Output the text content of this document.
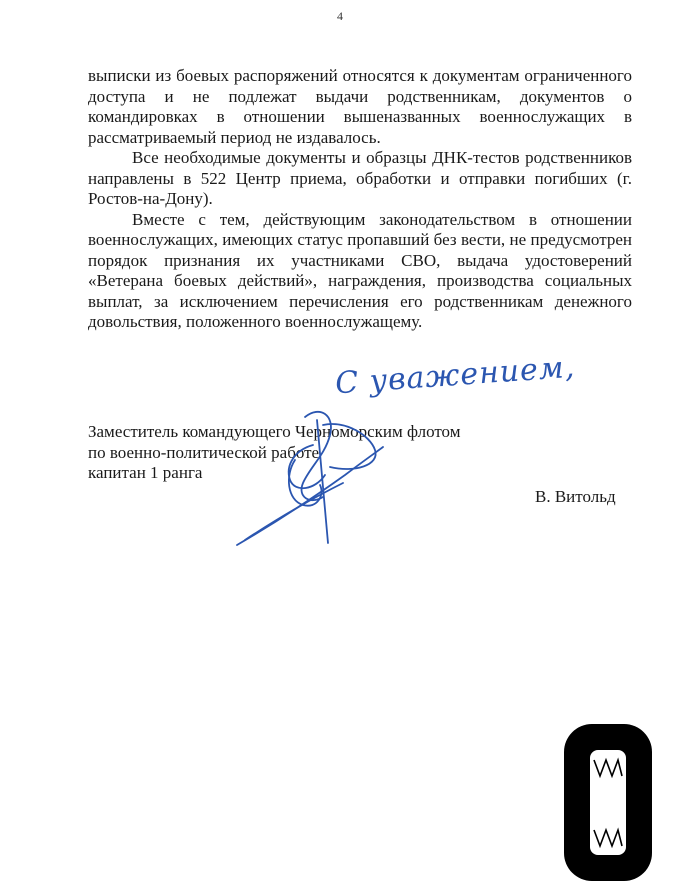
4

выписки из боевых распоряжений относятся к документам ограниченного доступа и не подлежат выдачи родственникам, документов о командировках в отношении вышеназванных военнослужащих в рассматриваемый период не издавалось.

Все необходимые документы и образцы ДНК-тестов родственников направлены в 522 Центр приема, обработки и отправки погибших (г. Ростов-на-Дону).

Вместе с тем, действующим законодательством в отношении военнослужащих, имеющих статус пропавший без вести, не предусмотрен порядок признания их участниками СВО, выдача удостоверений «Ветерана боевых действий», награждения, производства социальных выплат, за исключением перечисления его родственникам денежного довольствия, положенного военнослужащему.

С уважением,
Заместитель командующего Черноморским флотом
по военно-политической работе
капитан 1 ранга
В. Витольд
